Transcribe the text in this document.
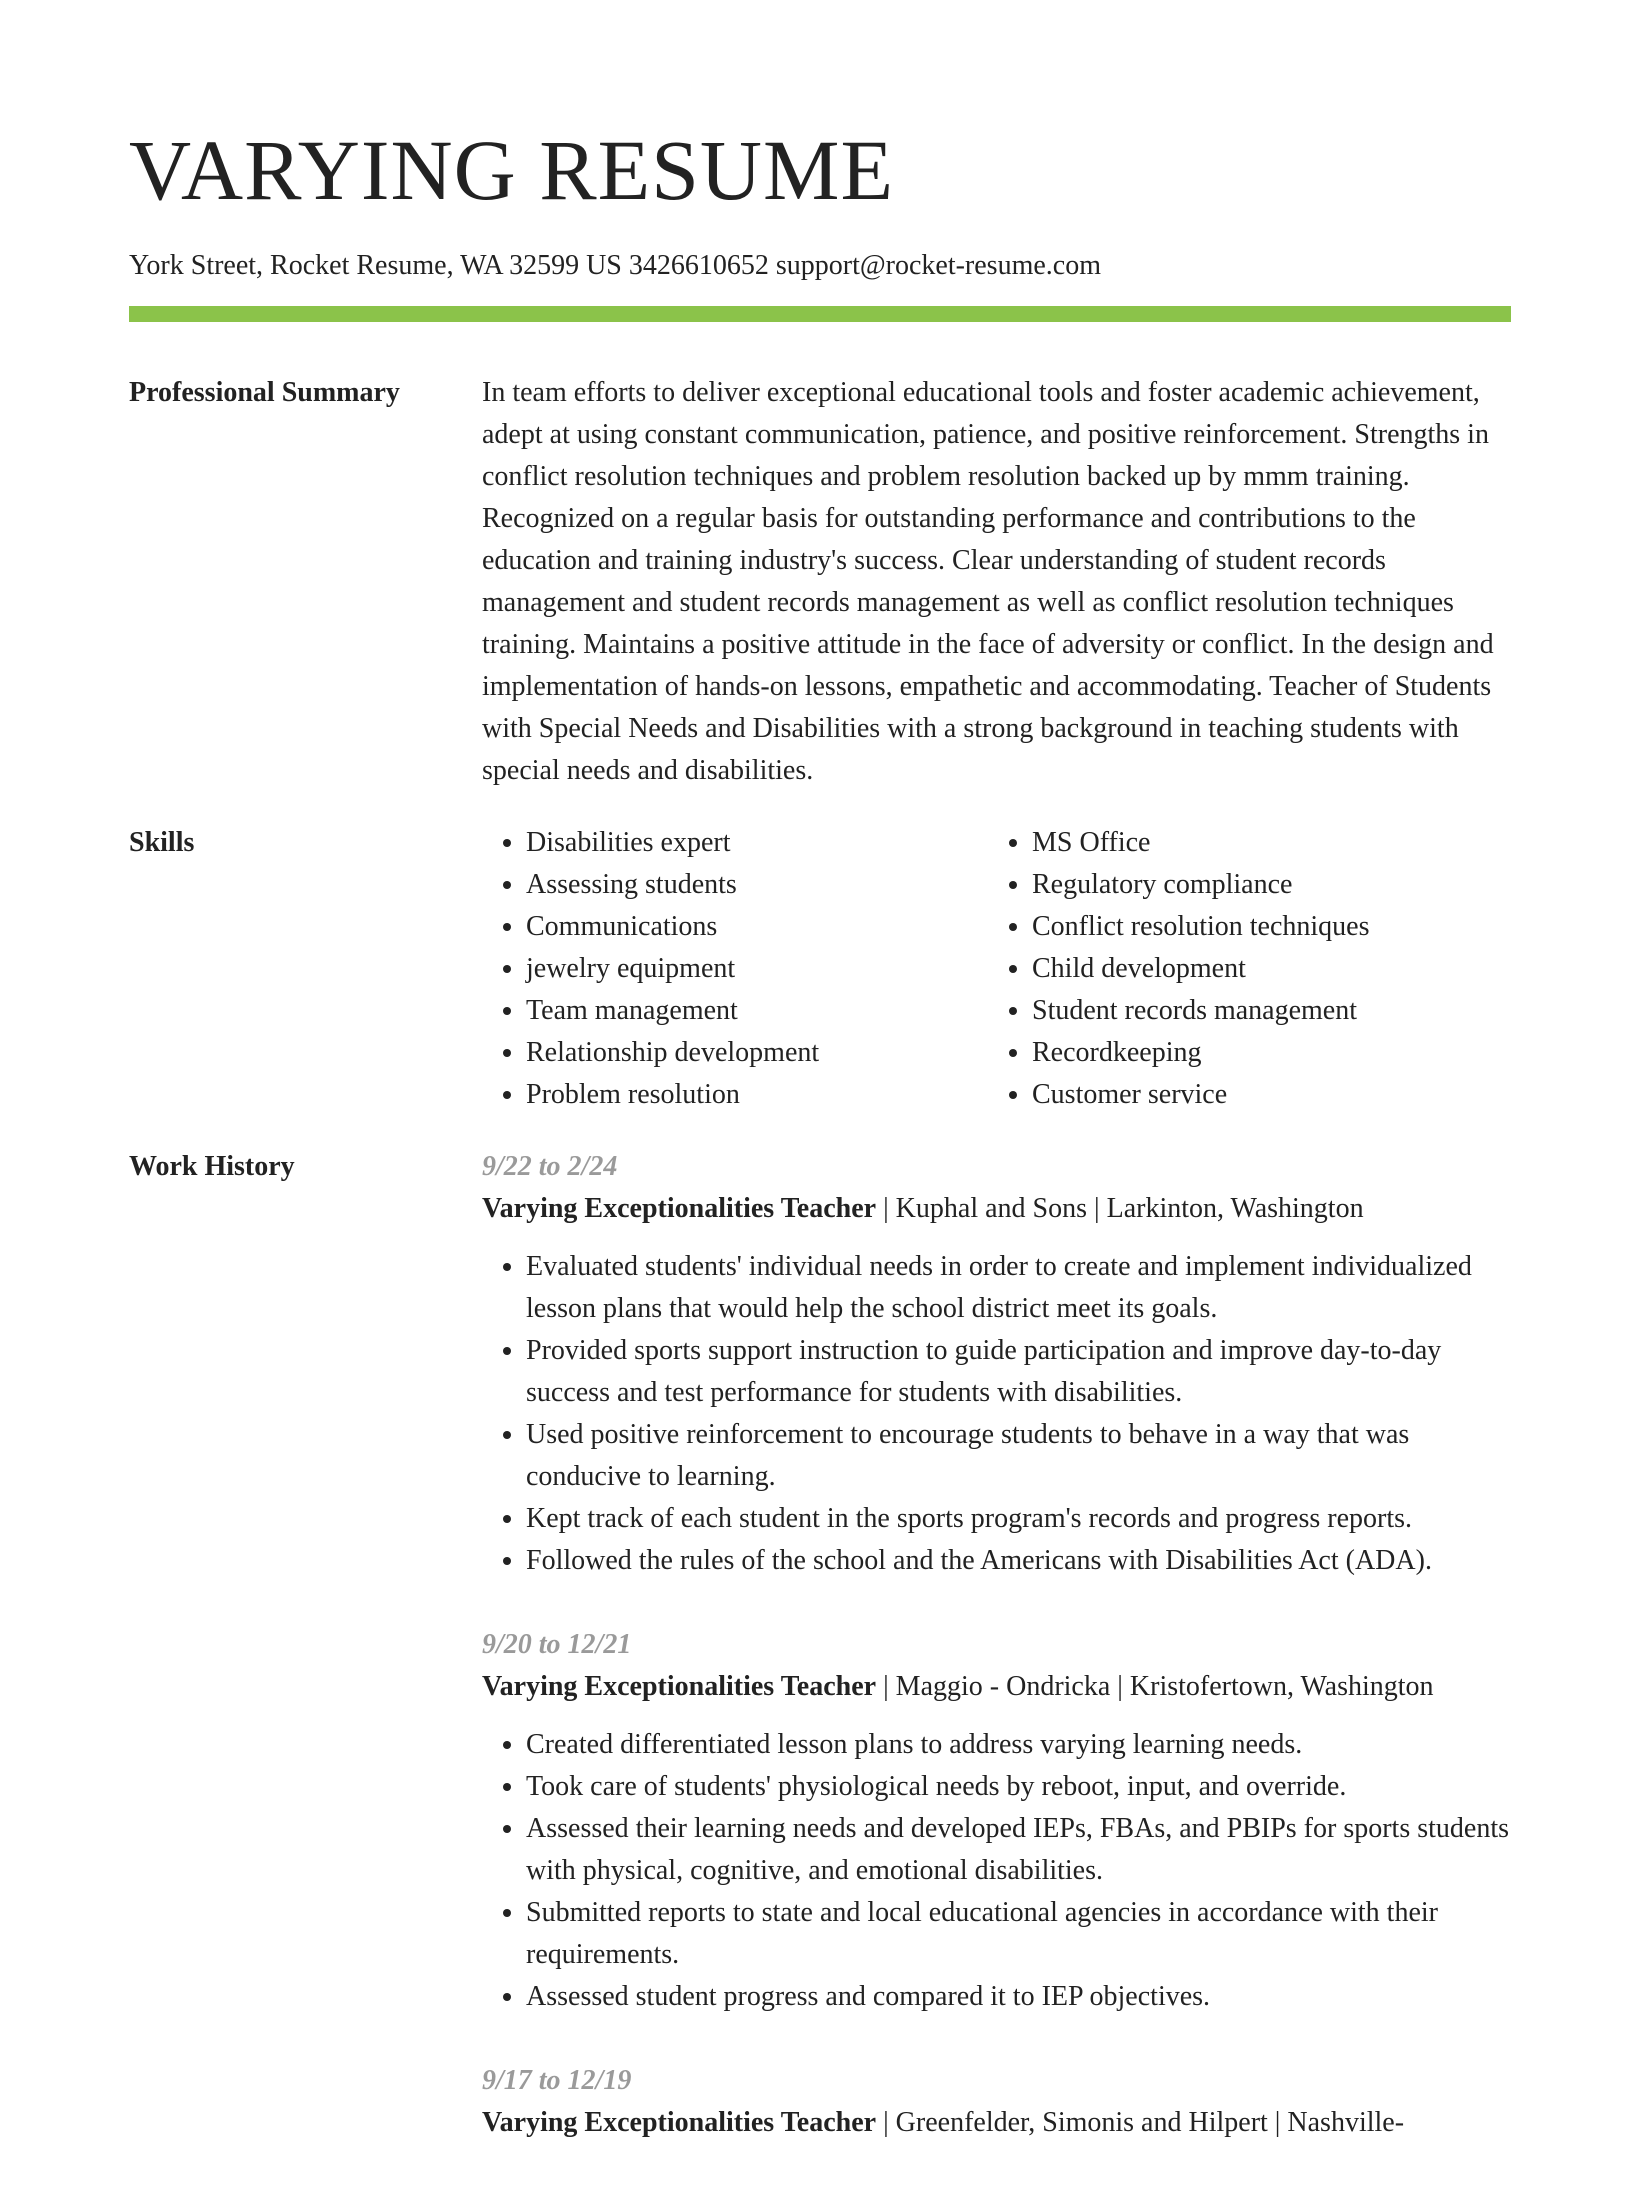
VARYING RESUME
York Street, Rocket Resume, WA 32599 US 3426610652 support@rocket-resume.com
Professional Summary	In team efforts to deliver exceptional educational tools and foster academic achievement, adept at using constant communication, patience, and positive reinforcement. Strengths in conflict resolution techniques and problem resolution backed up by mmm training. Recognized on a regular basis for outstanding performance and contributions to the education and training industry's success. Clear understanding of student records management and student records management as well as conflict resolution techniques training. Maintains a positive attitude in the face of adversity or conflict. In the design and implementation of hands-on lessons, empathetic and accommodating. Teacher of Students with Special Needs and Disabilities with a strong background in teaching students with special needs and disabilities.

Skills
•	Disabilities expert
• Assessing students
• Communications
• jewelry equipment
• Team management
• Relationship development
• Problem resolution
• MS Office
• Regulatory compliance
• Conflict resolution techniques
• Child development
• Student records management
• Recordkeeping
• Customer service
Work History	9/22 to 2/24
Varying Exceptionalities Teacher | Kuphal and Sons | Larkinton, Washington
• Evaluated students' individual needs in order to create and implement individualized lesson plans that would help the school district meet its goals.
• Provided sports support instruction to guide participation and improve day-to-day success and test performance for students with disabilities.
• Used positive reinforcement to encourage students to behave in a way that was conducive to learning.
• Kept track of each student in the sports program's records and progress reports.
• Followed the rules of the school and the Americans with Disabilities Act (ADA).
9/20 to 12/21
Varying Exceptionalities Teacher | Maggio - Ondricka | Kristofertown, Washington
• Created differentiated lesson plans to address varying learning needs.
• Took care of students' physiological needs by reboot, input, and override.
• Assessed their learning needs and developed IEPs, FBAs, and PBIPs for sports students with physical, cognitive, and emotional disabilities.
• Submitted reports to state and local educational agencies in accordance with their requirements.
• Assessed student progress and compared it to IEP objectives.
9/17 to 12/19
Varying Exceptionalities Teacher | Greenfelder, Simonis and Hilpert | Nashville-
